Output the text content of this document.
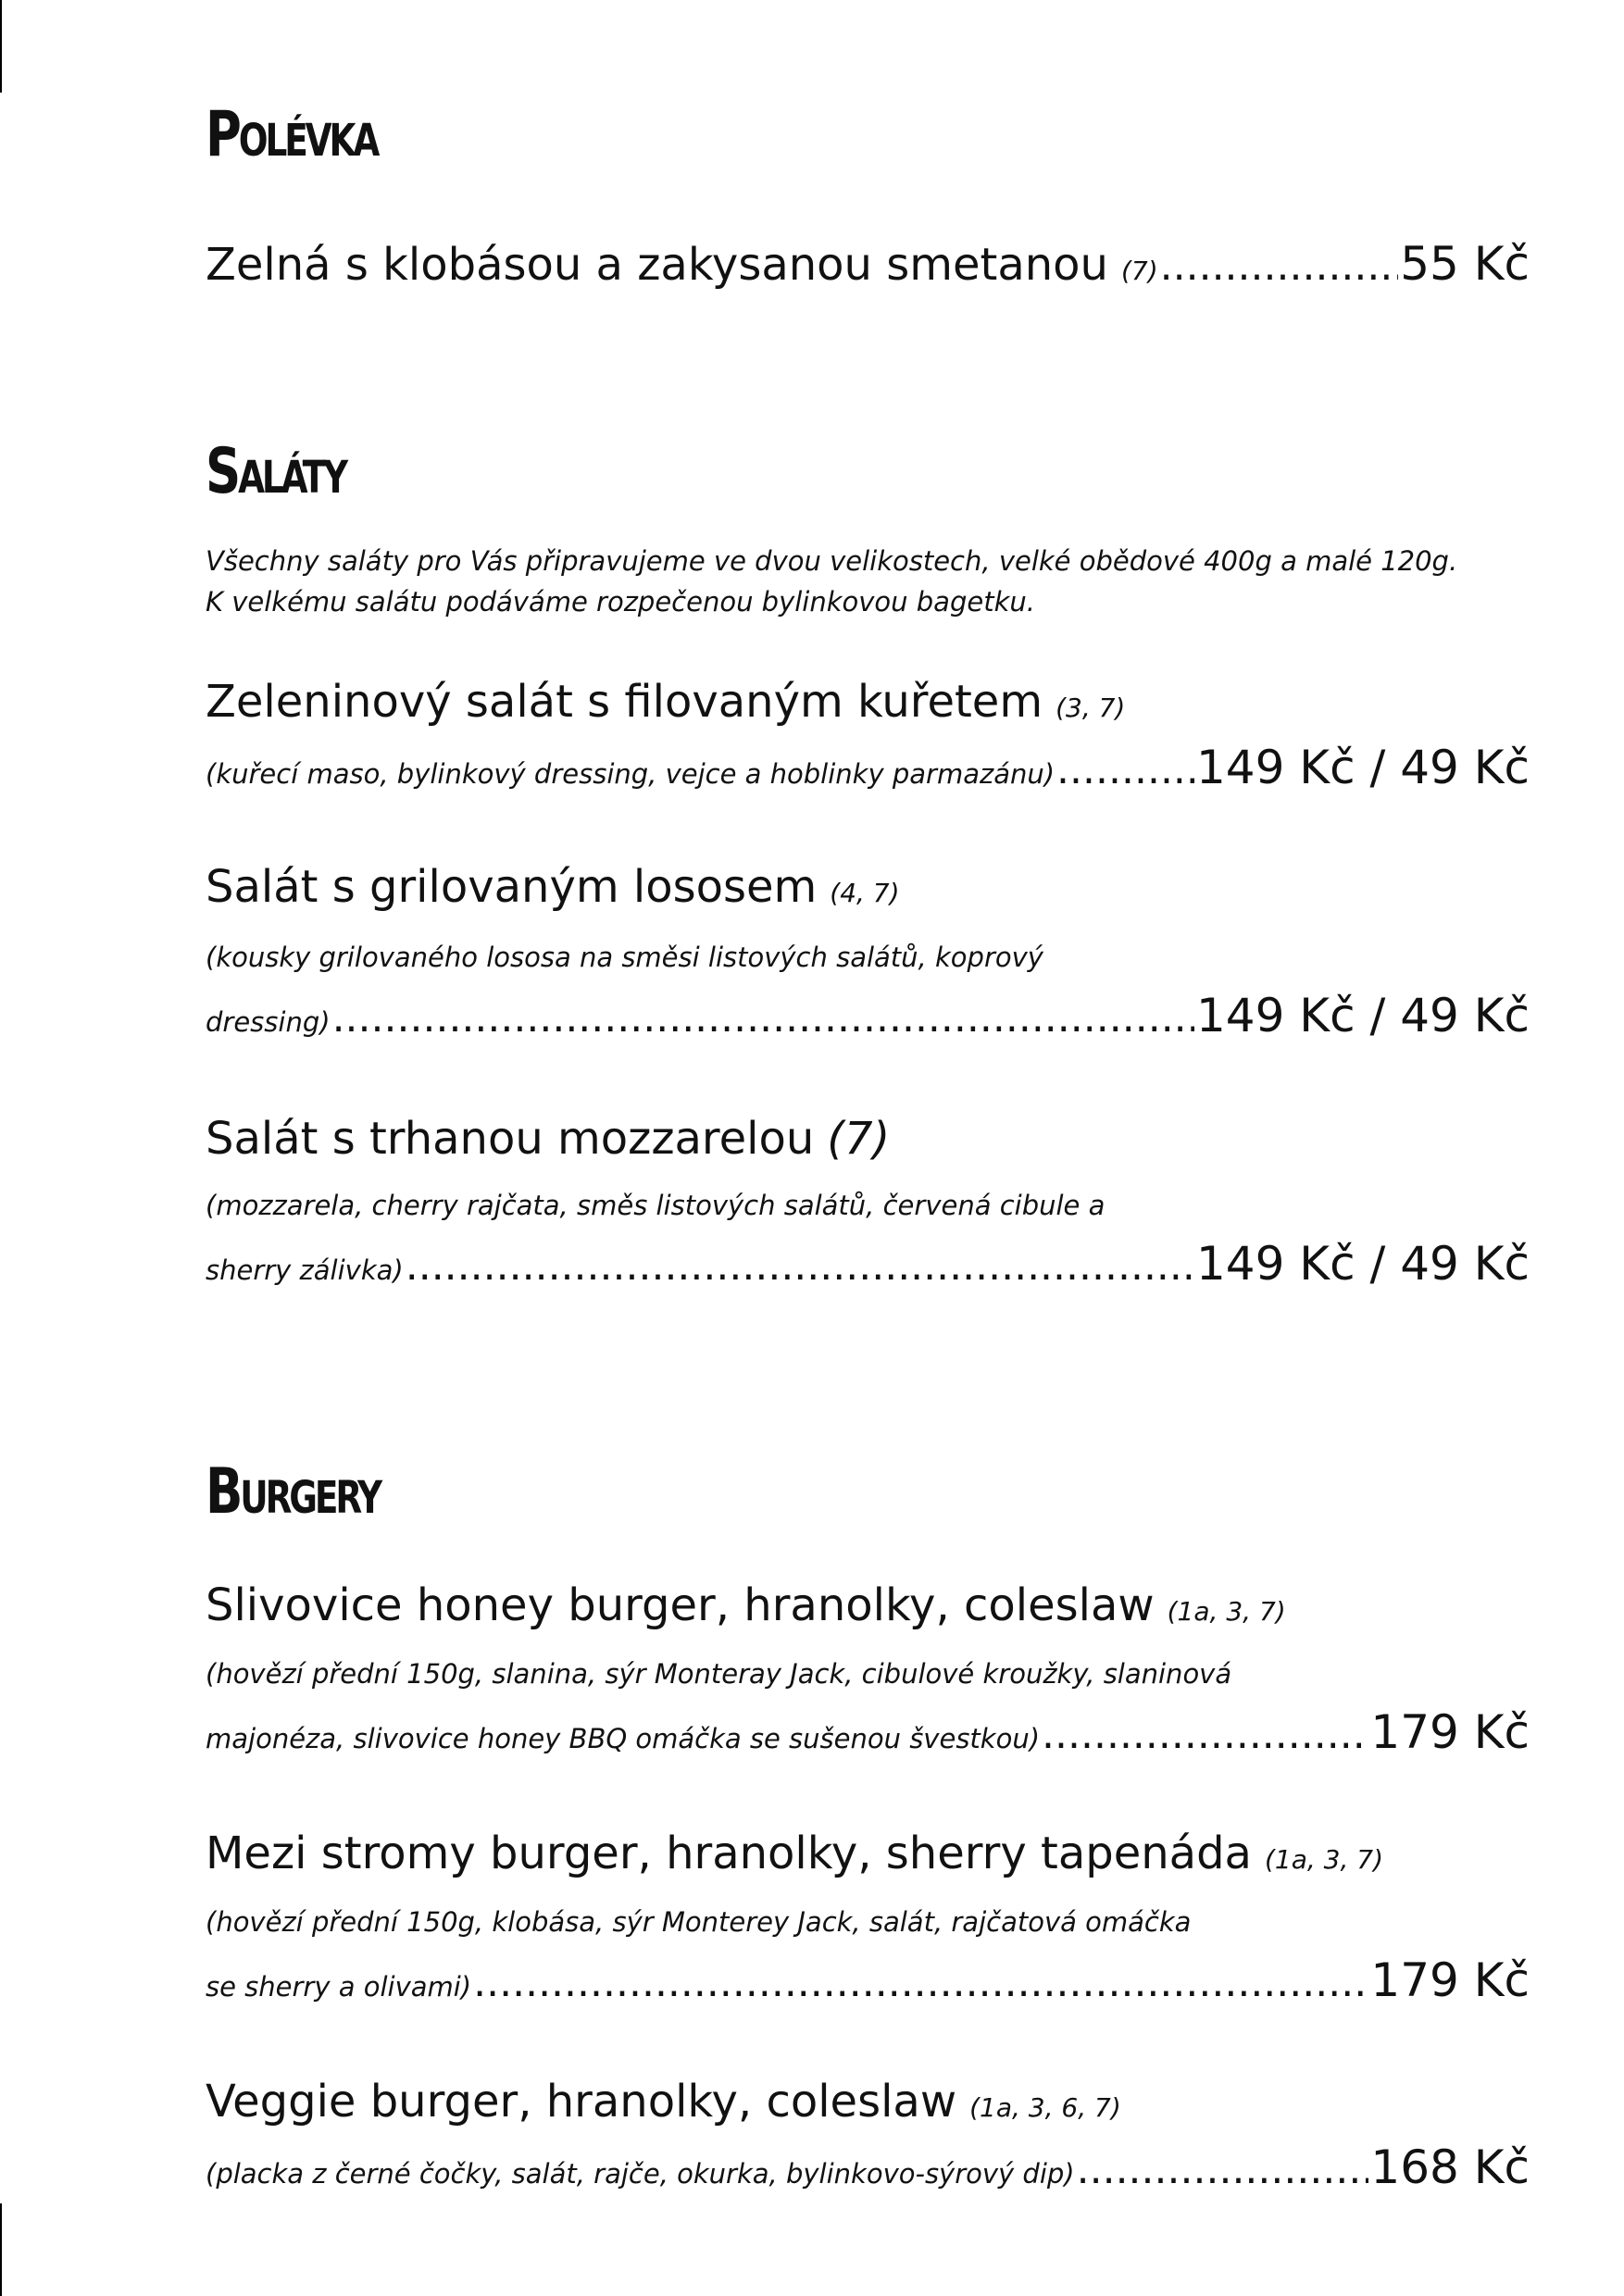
Polévka
Zelná s klobásou a zakysanou smetanou (7) .....	55 Kč
Saláty
Všechny saláty pro Vás připravujeme ve dvou velikostech, velké obědové 400g a malé 120g.
K velkému salátu podáváme rozpečenou bylinkovou bagetku.
Zeleninový salát s filovaným kuřetem (3, 7)
(kuřecí maso, bylinkový dressing, vejce a hoblinky parmazánu) .....	149 Kč / 49 Kč
Salát s grilovaným lososem (4, 7)
(kousky grilovaného lososa na směsi listových salátů, koprový
dressing) .....	149 Kč / 49 Kč
Salát s trhanou mozzarelou (7)
(mozzarela, cherry rajčata, směs listových salátů, červená cibule a
sherry zálivka) .....	149 Kč / 49 Kč
Burgery
Slivovice honey burger, hranolky, coleslaw (1a, 3, 7)
(hovězí přední 150g, slanina, sýr Monteray Jack, cibulové kroužky, slaninová
majonéza, slivovice honey BBQ omáčka se sušenou švestkou) .....	179 Kč
Mezi stromy burger, hranolky, sherry tapenáda (1a, 3, 7)
(hovězí přední 150g, klobása, sýr Monterey Jack, salát, rajčatová omáčka
se sherry a olivami) .....	179 Kč
Veggie burger, hranolky, coleslaw (1a, 3, 6, 7)
(placka z černé čočky, salát, rajče, okurka, bylinkovo-sýrový dip) .....	168 Kč
